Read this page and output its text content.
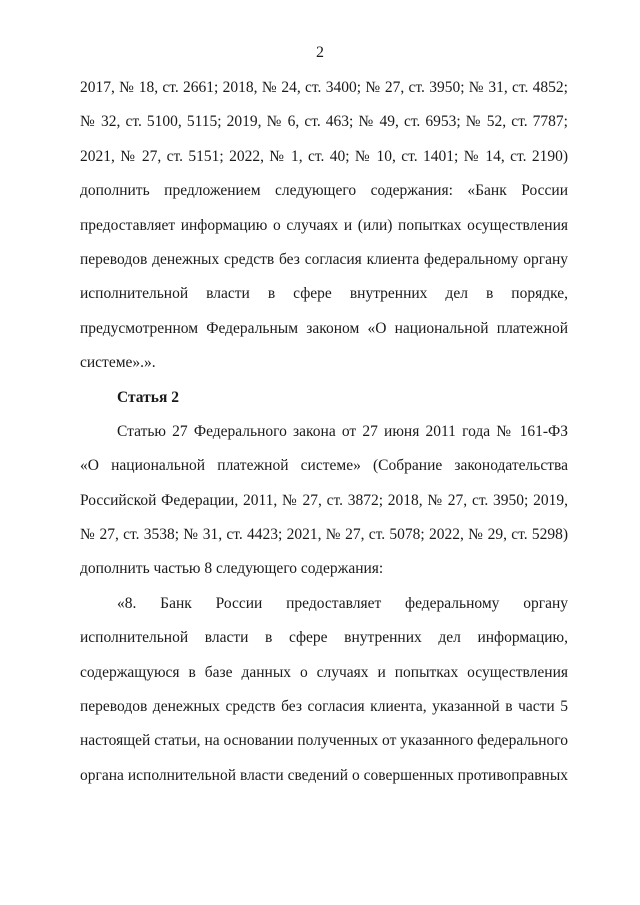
2
2017, № 18, ст. 2661; 2018, № 24, ст. 3400; № 27, ст. 3950; № 31, ст. 4852;
№ 32, ст. 5100, 5115; 2019, № 6, ст. 463; № 49, ст. 6953; № 52, ст. 7787;
2021, № 27, ст. 5151; 2022, № 1, ст. 40; № 10, ст. 1401; № 14, ст. 2190)
дополнить предложением следующего содержания: «Банк России
предоставляет информацию о случаях и (или) попытках осуществления
переводов денежных средств без согласия клиента федеральному органу
исполнительной власти в сфере внутренних дел в порядке,
предусмотренном Федеральным законом «О национальной платежной
системе».».
Статья 2
Статью 27 Федерального закона от 27 июня 2011 года № 161-ФЗ
«О национальной платежной системе» (Собрание законодательства
Российской Федерации, 2011, № 27, ст. 3872; 2018, № 27, ст. 3950; 2019,
№ 27, ст. 3538; № 31, ст. 4423; 2021, № 27, ст. 5078; 2022, № 29, ст. 5298)
дополнить частью 8 следующего содержания:
«8. Банк России предоставляет федеральному органу
исполнительной власти в сфере внутренних дел информацию,
содержащуюся в базе данных о случаях и попытках осуществления
переводов денежных средств без согласия клиента, указанной в части 5
настоящей статьи, на основании полученных от указанного федерального
органа исполнительной власти сведений о совершенных противоправных
